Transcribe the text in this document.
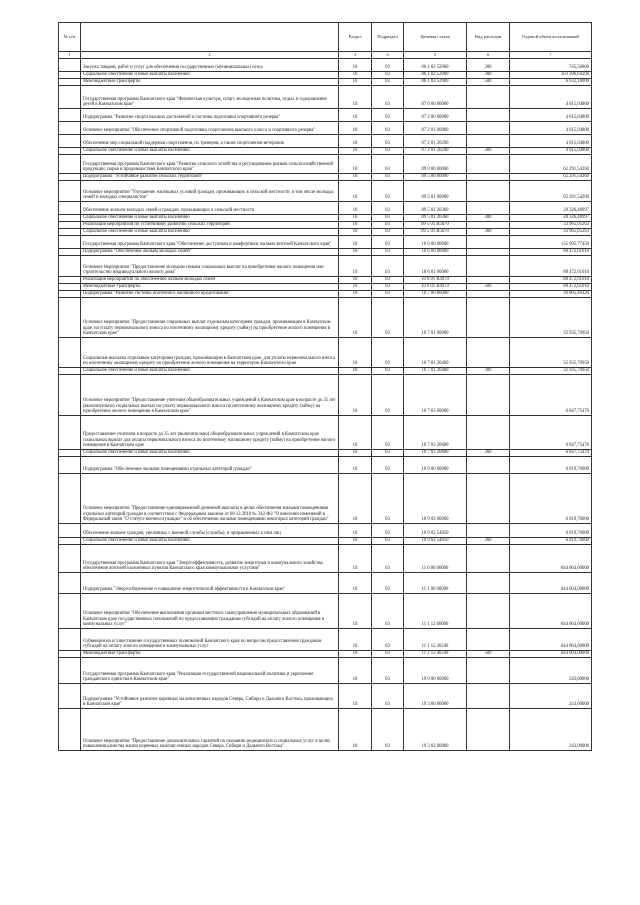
№ п/п		Раздел	Подраздел	Целевая статья	Вид расходов	Годовой объем ассигнований
1	2	3	4	5	6	7
	Закупка товаров, работ и услуг для обеспечения государственных (муниципальных) нужд	10	03	06 1 02 52900	200	745,50000
	Социальное обеспечение и иные выплаты населению	10	03	06 1 02 52900	300	103 396,64200
	Межбюджетные трансферты	10	03	06 1 02 52900	500	6 032,10000
	Государственная программа Камчатского края "Физическая культура, спорт, молодежная политика, отдых и оздоровление детей в Камчатском крае"	10	03	07 0 00 00000		4 015,04800
	Подпрограмма "Развитие спорта высших достижений и системы подготовки спортивного резерва"	10	03	07 2 00 00000		4 015,04800
	Основное мероприятие "Обеспечение спортивной подготовки спортсменов высокого класса и спортивного резерва"	10	03	07 2 01 00000		4 015,04800
	Обеспечение мер социальной поддержки спортсменов, их тренеров, а также спортсменов-ветеранов	10	03	07 2 01 20290		4 015,04800
	Социальное обеспечение и иные выплаты населению	10	03	07 2 01 20290	300	4 015,04800
	Государственная программа Камчатского края "Развитие сельского хозяйства и регулирование рынков сельскохозяйственной продукции, сырья и продовольствия Камчатского края"	10	03	09 0 00 00000		62 291,54260
	Подпрограмма "Устойчивое развитие сельских территорий"	10	03	09 5 00 00000		62 291,54260
	Основное мероприятие "Улучшение жилищных условий граждан, проживающих в сельской местности, в том числе молодых семей и молодых специалистов"	10	03	09 5 01 00000		62 291,54260
	Обеспечение жильем молодых семей и граждан, проживающих в сельской местности	10	03	09 5 01 20360		28 326,48997
	Социальное обеспечение и иные выплаты населению	10	03	09 5 01 20360	300	28 326,48997
	Реализация мероприятий по устойчивому развитию сельских территорий	10	03	09 5 01 R5670		33 965,05263
	Социальное обеспечение и иные выплаты населению	10	03	09 5 01 R5670	300	33 965,05263
	Государственная программа Камчатского края "Обеспечение доступным и комфортным жильем жителей Камчатского края"	10	03	10 0 00 00000		135 095,77450
	Подпрограмма "Обеспечение жильем молодых семей"	10	03	10 6 00 00000		88 472,61010
	Основное мероприятие "Предоставление молодым семьям социальных выплат на приобретение жилого помещения или строительство индивидуального жилого дома"	10	03	10 6 01 00000		88 472,61010
	Реализация мероприятий по обеспечению жильем молодых семей	10	03	10 6 01 R4970		88 472,61010
	Межбюджетные трансферты	10	03	10 6 01 R4970	500	88 472,61010
	Подпрограмма "Развитие системы ипотечного жилищного кредитования"	10	03	10 7 00 00000		39 805,46420
	Основное мероприятие "Предоставление социальных выплат отдельным категориям граждан, проживающим в Камчатском крае, на уплату первоначального взноса по ипотечному жилищному кредиту (займу) на приобретение жилого помещения в Камчатском крае"	10	03	10 7 01 00000		32 935,70950
	Социальные выплаты отдельным категориям граждан, проживающим в Камчатском крае, для уплаты первоначального взноса по ипотечному жилищному кредиту на приобретение жилого помещения на территории Камчатского края	10	03	10 7 01 20400		32 935,70950
	Социальное обеспечение и иные выплаты населению	10	03	10 7 01 20400	300	32 935,70950
	Основное мероприятие "Предоставление учителям общеобразовательных учреждений в Камчатском крае в возрасте до 35 лет (включительно) социальных выплат на уплату первоначального взноса по ипотечному жилищному кредиту (займу) на приобретение жилого помещения в Камчатском крае"	10	03	10 7 03 00000		6 847,75470
	Предоставление учителям в возрасте до 35 лет (включительно) общеобразовательных учреждений в Камчатском крае социальных выплат для оплаты первоначального взноса по ипотечному жилищному кредиту (займу) на приобретение жилого помещения в Камчатском крае	10	03	10 7 03 20680		6 847,75470
	Социальное обеспечение и иные выплаты населению	10	03	10 7 03 20680	300	6 847,75470
	Подпрограмма "Обеспечение жилыми помещениями отдельных категорий граждан"	10	03	10 9 00 00000		6 819,70000
	Основное мероприятие "Предоставление единовременной денежной выплаты в целях обеспечения жилыми помещениями отдельных категорий граждан в соответствии с Федеральным законом от 08.12.2010 № 342-ФЗ "О внесении изменений в Федеральный закон "О статусе военнослужащих" и об обеспечении жилыми помещениями некоторых категорий граждан"	10	03	10 9 02 00000		6 819,70000
	Обеспечение жильем граждан, уволенных с военной службы (службы), и приравненных к ним лиц	10	03	10 9 02 54850		6 819,70000
	Социальное обеспечение и иные выплаты населению	10	03	10 9 02 54850	300	6 819,70000
	Государственная программа Камчатского края "Энергоэффективность, развитие энергетики и коммунального хозяйства, обеспечение жителей населенных пунктов Камчатского края коммунальными услугами"	10	03	11 0 00 00000		644 064,00000
	Подпрограмма "Энергосбережение и повышение энергетической эффективности в Камчатском крае"	10	03	11 1 00 00000		644 064,00000
	Основное мероприятие "Обеспечение выполнения органами местного самоуправления муниципальных образований в Камчатском крае государственных полномочий по предоставлению гражданам субсидий на оплату жилого помещения и коммунальных услуг"	10	03	11 1 12 00000		644 064,00000
	Субвенции на осуществление государственных полномочий Камчатского края по вопросам предоставления гражданам субсидий на оплату жилого помещения и коммунальных услуг	10	03	11 1 12 40240		644 064,00000
	Межбюджетные трансферты	10	03	11 1 12 40240	500	644 064,00000
	Государственная программа Камчатского края "Реализация государственной национальной политики и укрепление гражданского единства в Камчатском крае"	10	03	19 0 00 00000		243,00000
	Подпрограмма "Устойчивое развитие коренных малочисленных народов Севера, Сибири и Дальнего Востока, проживающих в Камчатском крае"	10	03	19 3 00 00000		243,00000
	Основное мероприятие "Предоставление дополнительных гарантий по оказанию медицинских и социальных услуг в целях повышения качества жизни коренных малочисленных народов Севера, Сибири и Дальнего Востока"	10	03	19 3 02 00000		243,00000
